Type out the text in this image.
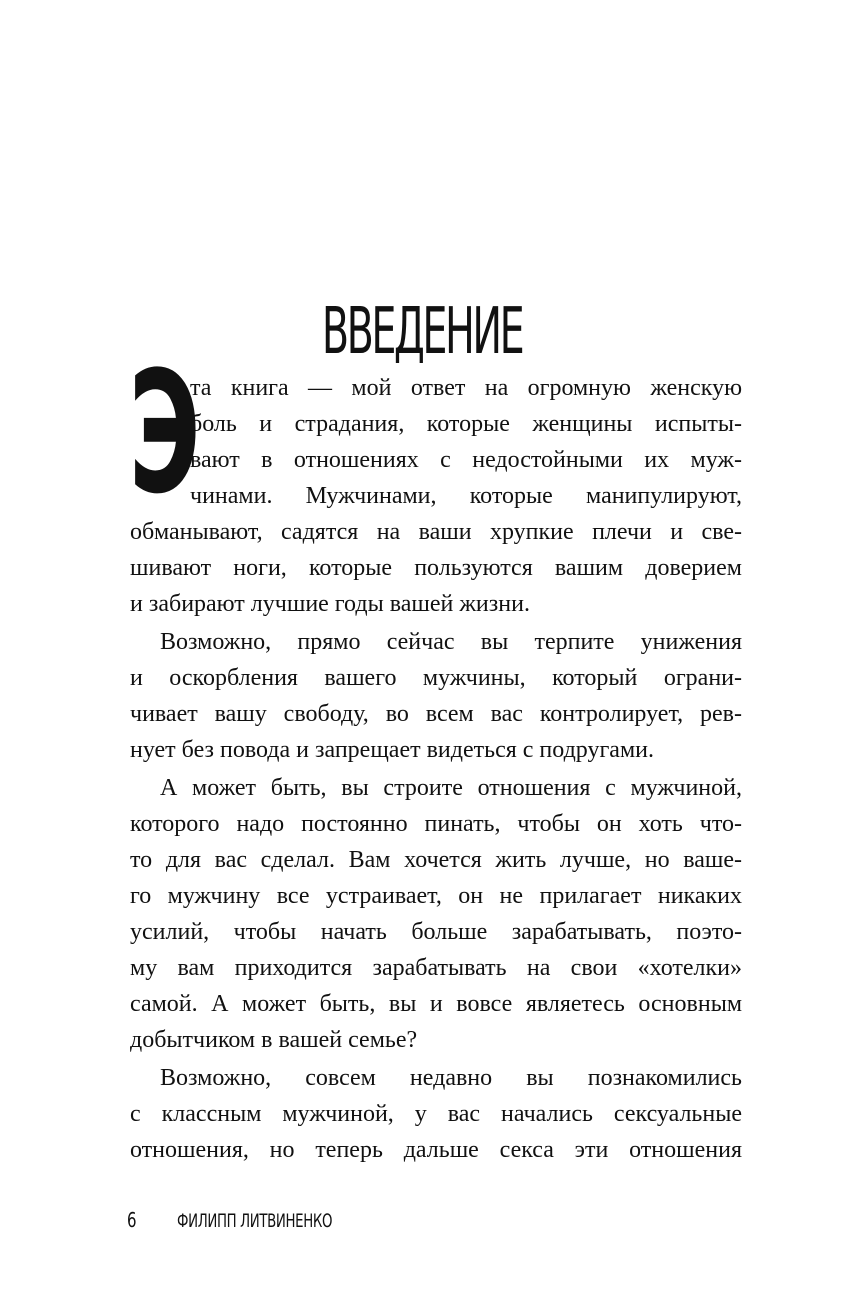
ВВЕДЕНИЕ
Э
та книга — мой ответ на огромную женскую
боль и страдания, которые женщины испыты-
вают в отношениях с недостойными их муж-
чинами. Мужчинами, которые манипулируют,
обманывают, садятся на ваши хрупкие плечи и све-
шивают ноги, которые пользуются вашим доверием
и забирают лучшие годы вашей жизни.
Возможно, прямо сейчас вы терпите унижения
и оскорбления вашего мужчины, который ограни-
чивает вашу свободу, во всем вас контролирует, рев-
нует без повода и запрещает видеться с подругами.
А может быть, вы строите отношения с мужчиной,
которого надо постоянно пинать, чтобы он хоть что-
то для вас сделал. Вам хочется жить лучше, но ваше-
го мужчину все устраивает, он не прилагает никаких
усилий, чтобы начать больше зарабатывать, поэто-
му вам приходится зарабатывать на свои «хотелки»
самой. А может быть, вы и вовсе являетесь основным
добытчиком в вашей семье?
Возможно, совсем недавно вы познакомились
с классным мужчиной, у вас начались сексуальные
отношения, но теперь дальше секса эти отношения
6 ФИЛИПП ЛИТВИНЕНКО
